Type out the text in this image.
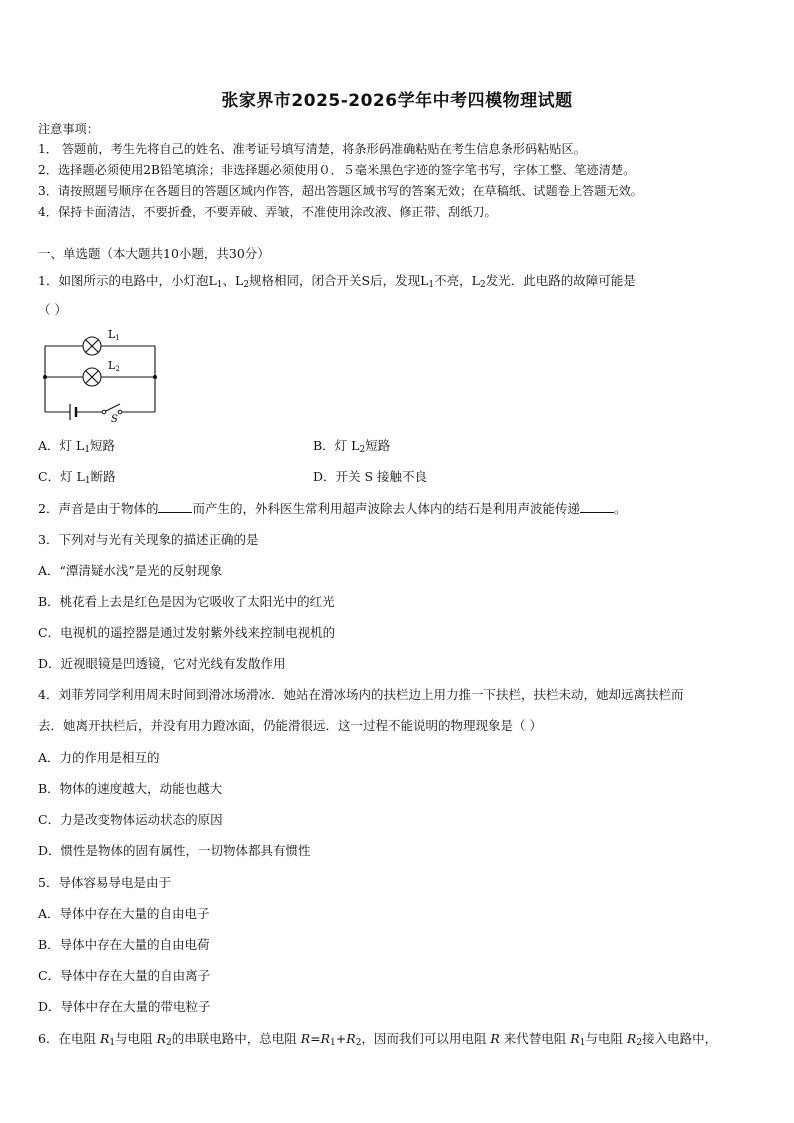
张家界市2025-2026学年中考四模物理试题
注意事项：
1． 答题前，考生先将自己的姓名、准考证号填写清楚，将条形码准确粘贴在考生信息条形码粘贴区。
2．选择题必须使用2B铅笔填涂；非选择题必须使用０．５毫米黑色字迹的签字笔书写，字体工整、笔迹清楚。
3．请按照题号顺序在各题目的答题区域内作答，超出答题区域书写的答案无效；在草稿纸、试题卷上答题无效。
4．保持卡面清洁，不要折叠，不要弄破、弄皱，不准使用涂改液、修正带、刮纸刀。
一、单选题（本大题共10小题，共30分）
1．如图所示的电路中，小灯泡$L_1$、$L_2$规格相同，闭合开关S后，发现$L_1$不亮，$L_2$发光．此电路的故障可能是
（ ）
L1
L2
S
A．灯 $L_1$短路	B．灯 $L_2$短路
C．灯 $L_1$断路	D．开关 S 接触不良
2．声音是由于物体的	而产生的，外科医生常利用超声波除去人体内的结石是利用声波能传递	。
3．下列对与光有关现象的描述正确的是
A．“潭清疑水浅”是光的反射现象
B．桃花看上去是红色是因为它吸收了太阳光中的红光
C．电视机的遥控器是通过发射紫外线来控制电视机的
D．近视眼镜是凹透镜，它对光线有发散作用
4．刘菲芳同学利用周末时间到滑冰场滑冰．她站在滑冰场内的扶栏边上用力推一下扶栏，扶栏未动，她却远离扶栏而
去．她离开扶栏后，并没有用力蹬冰面，仍能滑很远．这一过程不能说明的物理现象是（ ）
A．力的作用是相互的
B．物体的速度越大，动能也越大
C．力是改变物体运动状态的原因
D．惯性是物体的固有属性，一切物体都具有惯性
5．导体容易导电是由于
A．导体中存在大量的自由电子
B．导体中存在大量的自由电荷
C．导体中存在大量的自由离子
D．导体中存在大量的带电粒子
6．在电阻 $R_1$与电阻 $R_2$的串联电路中，总电阻 $R=R_1+R_2$，因而我们可以用电阻 R 来代替电阻 $R_1$与电阻 $R_2$接入电路中，
